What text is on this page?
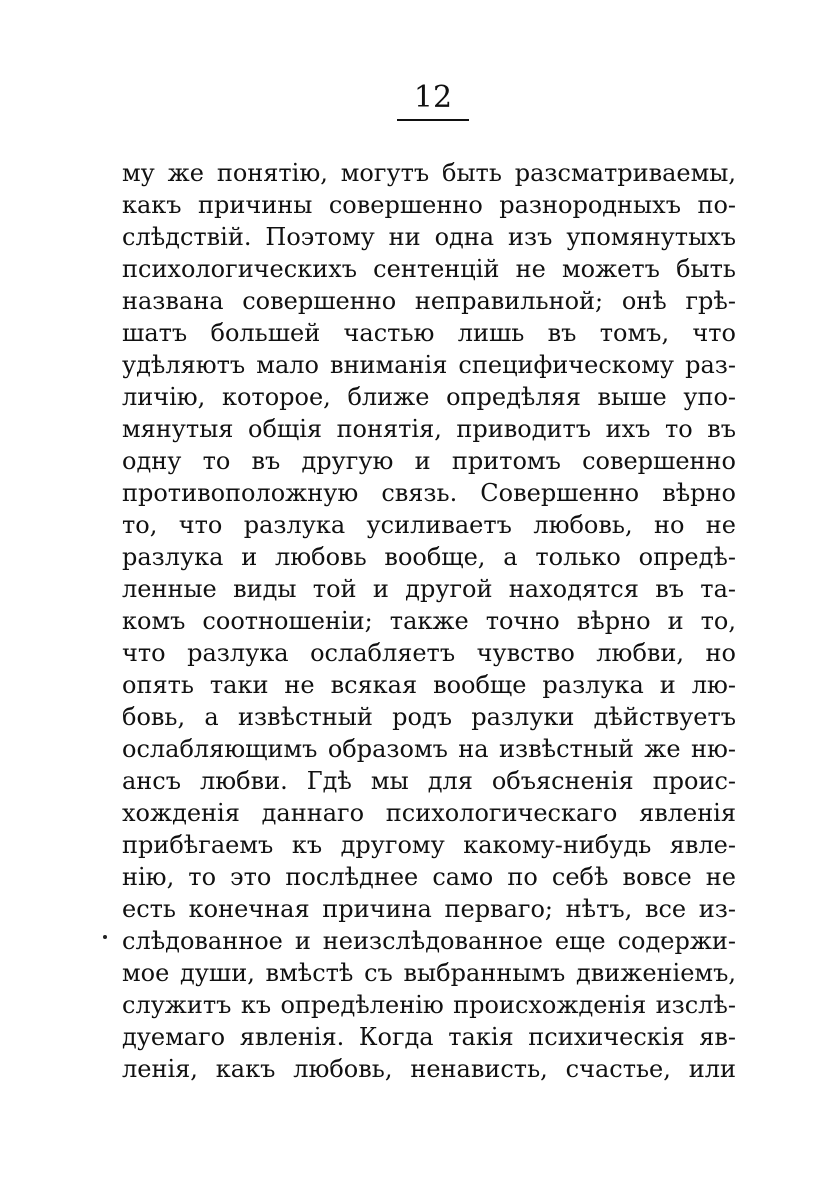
12
му же понятію, могутъ быть разсматриваемы,
какъ причины совершенно разнородныхъ по-
слѣдствій. Поэтому ни одна изъ упомянутыхъ
психологическихъ сентенцій не можетъ быть
названа совершенно неправильной; онѣ грѣ-
шатъ большей частью лишь въ томъ, что
удѣляютъ мало вниманія специфическому раз-
личію, которое, ближе опредѣляя выше упо-
мянутыя общія понятія, приводитъ ихъ то въ
одну то въ другую и притомъ совершенно
противоположную связь. Совершенно вѣрно
то, что разлука усиливаетъ любовь, но не
разлука и любовь вообще, а только опредѣ-
ленные виды той и другой находятся въ та-
комъ соотношеніи; также точно вѣрно и то,
что разлука ослабляетъ чувство любви, но
опять таки не всякая вообще разлука и лю-
бовь, а извѣстный родъ разлуки дѣйствуетъ
ослабляющимъ образомъ на извѣстный же ню-
ансъ любви. Гдѣ мы для объясненія проис-
хожденія даннаго психологическаго явленія
прибѣгаемъ къ другому какому-нибудь явле-
нію, то это послѣднее само по себѣ вовсе не
есть конечная причина перваго; нѣтъ, все из-
слѣдованное и неизслѣдованное еще содержи-
мое души, вмѣстѣ съ выбраннымъ движеніемъ,
служитъ къ опредѣленію происхожденія изслѣ-
дуемаго явленія. Когда такія психическія яв-
ленія, какъ любовь, ненависть, счастье, или
